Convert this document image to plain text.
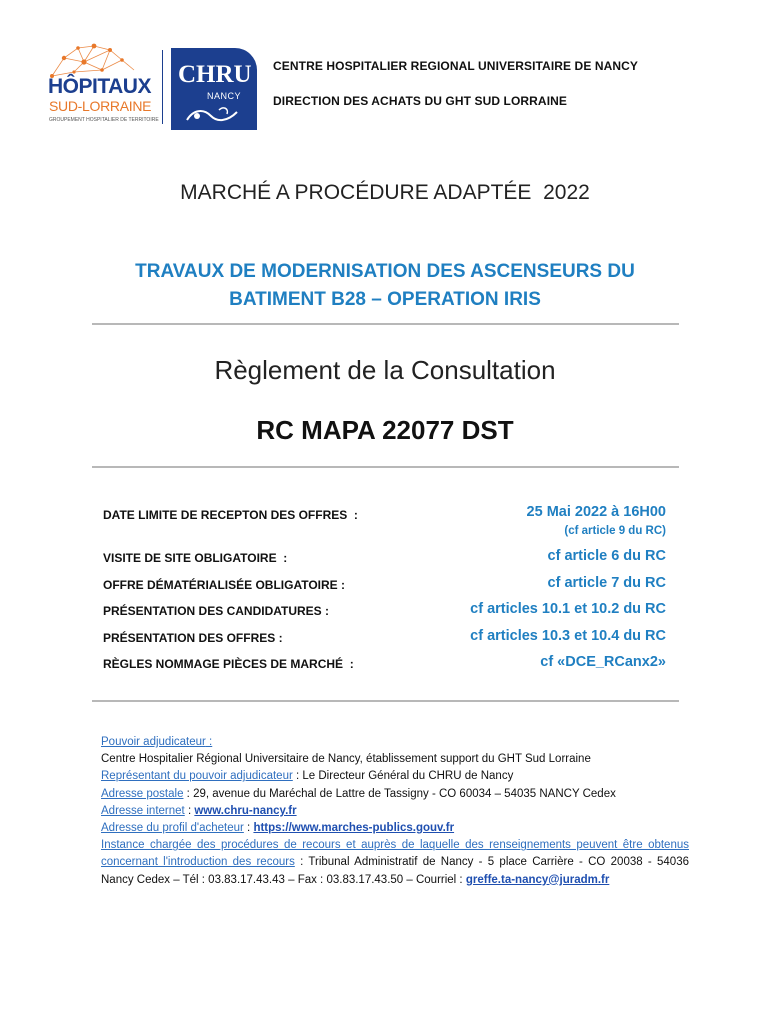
HÔPITAUX
SUD-LORRAINE
GROUPEMENT HOSPITALIER DE TERRITOIRE
CHRU
NANCY
CENTRE HOSPITALIER REGIONAL UNIVERSITAIRE DE NANCY
DIRECTION DES ACHATS DU GHT SUD LORRAINE
MARCHÉ A PROCÉDURE ADAPTÉE  2022
TRAVAUX DE MODERNISATION DES ASCENSEURS DU
BATIMENT B28 – OPERATION IRIS
Règlement de la Consultation
RC MAPA 22077 DST
DATE LIMITE DE RECEPTON DES OFFRES  :	25 Mai 2022 à 16H00
(cf article 9 du RC)
VISITE DE SITE OBLIGATOIRE  :	cf article 6 du RC
OFFRE DÉMATÉRIALISÉE OBLIGATOIRE :	cf article 7 du RC
PRÉSENTATION DES CANDIDATURES :	cf articles 10.1 et 10.2 du RC
PRÉSENTATION DES OFFRES :	cf articles 10.3 et 10.4 du RC
RÈGLES NOMMAGE PIÈCES DE MARCHÉ  :	cf «DCE_RCanx2»
Pouvoir adjudicateur :
Centre Hospitalier Régional Universitaire de Nancy, établissement support du GHT Sud Lorraine
Représentant du pouvoir adjudicateur : Le Directeur Général du CHRU de Nancy
Adresse postale : 29, avenue du Maréchal de Lattre de Tassigny - CO 60034 – 54035 NANCY Cedex
Adresse internet : www.chru-nancy.fr
Adresse du profil d'acheteur : https://www.marches-publics.gouv.fr
Instance chargée des procédures de recours et auprès de laquelle des renseignements peuvent être obtenus concernant l'introduction des recours : Tribunal Administratif de Nancy - 5 place Carrière - CO 20038 - 54036 Nancy Cedex – Tél : 03.83.17.43.43 – Fax : 03.83.17.43.50 – Courriel : greffe.ta-nancy@juradm.fr
